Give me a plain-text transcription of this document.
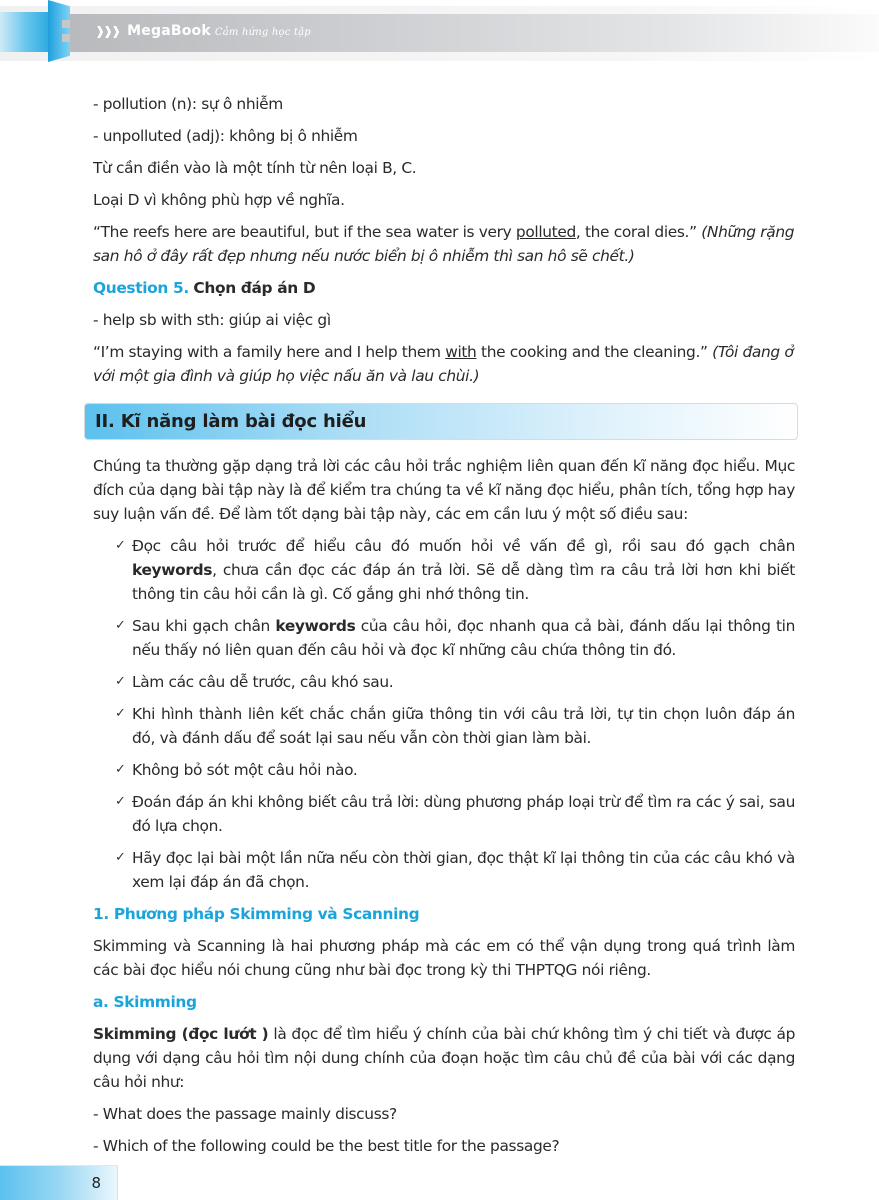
❱❱❱ MegaBook Cảm hứng học tập

- pollution (n): sự ô nhiễm

- unpolluted (adj): không bị ô nhiễm

Từ cần điền vào là một tính từ nên loại B, C.

Loại D vì không phù hợp về nghĩa.

“The reefs here are beautiful, but if the sea water is very polluted, the coral dies.” (Những rặng san hô ở đây rất đẹp nhưng nếu nước biển bị ô nhiễm thì san hô sẽ chết.)

Question 5. Chọn đáp án D

- help sb with sth: giúp ai việc gì

“I’m staying with a family here and I help them with the cooking and the cleaning.” (Tôi đang ở với một gia đình và giúp họ việc nấu ăn và lau chùi.)

II. Kĩ năng làm bài đọc hiểu

Chúng ta thường gặp dạng trả lời các câu hỏi trắc nghiệm liên quan đến kĩ năng đọc hiểu. Mục đích của dạng bài tập này là để kiểm tra chúng ta về kĩ năng đọc hiểu, phân tích, tổng hợp hay suy luận vấn đề. Để làm tốt dạng bài tập này, các em cần lưu ý một số điều sau:

✓ Đọc câu hỏi trước để hiểu câu đó muốn hỏi về vấn đề gì, rồi sau đó gạch chân keywords, chưa cần đọc các đáp án trả lời. Sẽ dễ dàng tìm ra câu trả lời hơn khi biết thông tin câu hỏi cần là gì. Cố gắng ghi nhớ thông tin.
✓ Sau khi gạch chân keywords của câu hỏi, đọc nhanh qua cả bài, đánh dấu lại thông tin nếu thấy nó liên quan đến câu hỏi và đọc kĩ những câu chứa thông tin đó.
✓ Làm các câu dễ trước, câu khó sau.
✓ Khi hình thành liên kết chắc chắn giữa thông tin với câu trả lời, tự tin chọn luôn đáp án đó, và đánh dấu để soát lại sau nếu vẫn còn thời gian làm bài.
✓ Không bỏ sót một câu hỏi nào.
✓ Đoán đáp án khi không biết câu trả lời: dùng phương pháp loại trừ để tìm ra các ý sai, sau đó lựa chọn.
✓ Hãy đọc lại bài một lần nữa nếu còn thời gian, đọc thật kĩ lại thông tin của các câu khó và xem lại đáp án đã chọn.

1. Phương pháp Skimming và Scanning

Skimming và Scanning là hai phương pháp mà các em có thể vận dụng trong quá trình làm các bài đọc hiểu nói chung cũng như bài đọc trong kỳ thi THPTQG nói riêng.

a. Skimming

Skimming (đọc lướt ) là đọc để tìm hiểu ý chính của bài chứ không tìm ý chi tiết và được áp dụng với dạng câu hỏi tìm nội dung chính của đoạn hoặc tìm câu chủ đề của bài với các dạng câu hỏi như:

- What does the passage mainly discuss?

- Which of the following could be the best title for the passage?

8
